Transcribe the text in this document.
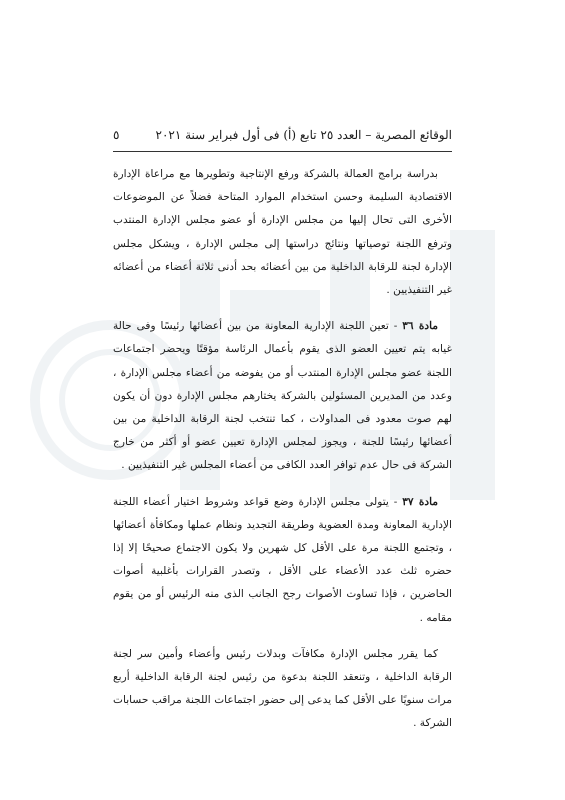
الوقائع المصرية – العدد ٢٥ تابع (أ) فى أول فبراير سنة ٢٠٢١
٥

بدراسة برامج العمالة بالشركة ورفع الإنتاجية وتطويرها مع مراعاة الإدارة الاقتصادية السليمة وحسن استخدام الموارد المتاحة فضلاً عن الموضوعات الأخرى التى تحال إليها من مجلس الإدارة أو عضو مجلس الإدارة المنتدب وترفع اللجنة توصياتها ونتائج دراستها إلى مجلس الإدارة ، ويشكل مجلس الإدارة لجنة للرقابة الداخلية من بين أعضائه بحد أدنى ثلاثة أعضاء من أعضائه غير التنفيذيين .

مادة ٣٦ - تعين اللجنة الإدارية المعاونة من بين أعضائها رئيسًا وفى حالة غيابه يتم تعيين العضو الذى يقوم بأعمال الرئاسة مؤقتًا ويحضر اجتماعات اللجنة عضو مجلس الإدارة المنتدب أو من يفوضه من أعضاء مجلس الإدارة ، وعدد من المديرين المسئولين بالشركة يختارهم مجلس الإدارة دون أن يكون لهم صوت معدود فى المداولات ، كما تنتخب لجنة الرقابة الداخلية من بين أعضائها رئيسًا للجنة ، ويجوز لمجلس الإدارة تعيين عضو أو أكثر من خارج الشركة فى حال عدم توافر العدد الكافى من أعضاء المجلس غير التنفيذيين .

مادة ٣٧ - يتولى مجلس الإدارة وضع قواعد وشروط اختيار أعضاء اللجنة الإدارية المعاونة ومدة العضوية وطريقة التجديد ونظام عملها ومكافأة أعضائها ، وتجتمع اللجنة مرة على الأقل كل شهرين ولا يكون الاجتماع صحيحًا إلا إذا حضره ثلث عدد الأعضاء على الأقل ، وتصدر القرارات بأغلبية أصوات الحاضرين ، فإذا تساوت الأصوات رجح الجانب الذى منه الرئيس أو من يقوم مقامه .

كما يقرر مجلس الإدارة مكافآت وبدلات رئيس وأعضاء وأمين سر لجنة الرقابة الداخلية ، وتنعقد اللجنة بدعوة من رئيس لجنة الرقابة الداخلية أربع مرات سنويًا على الأقل كما يدعى إلى حضور اجتماعات اللجنة مراقب حسابات الشركة .
